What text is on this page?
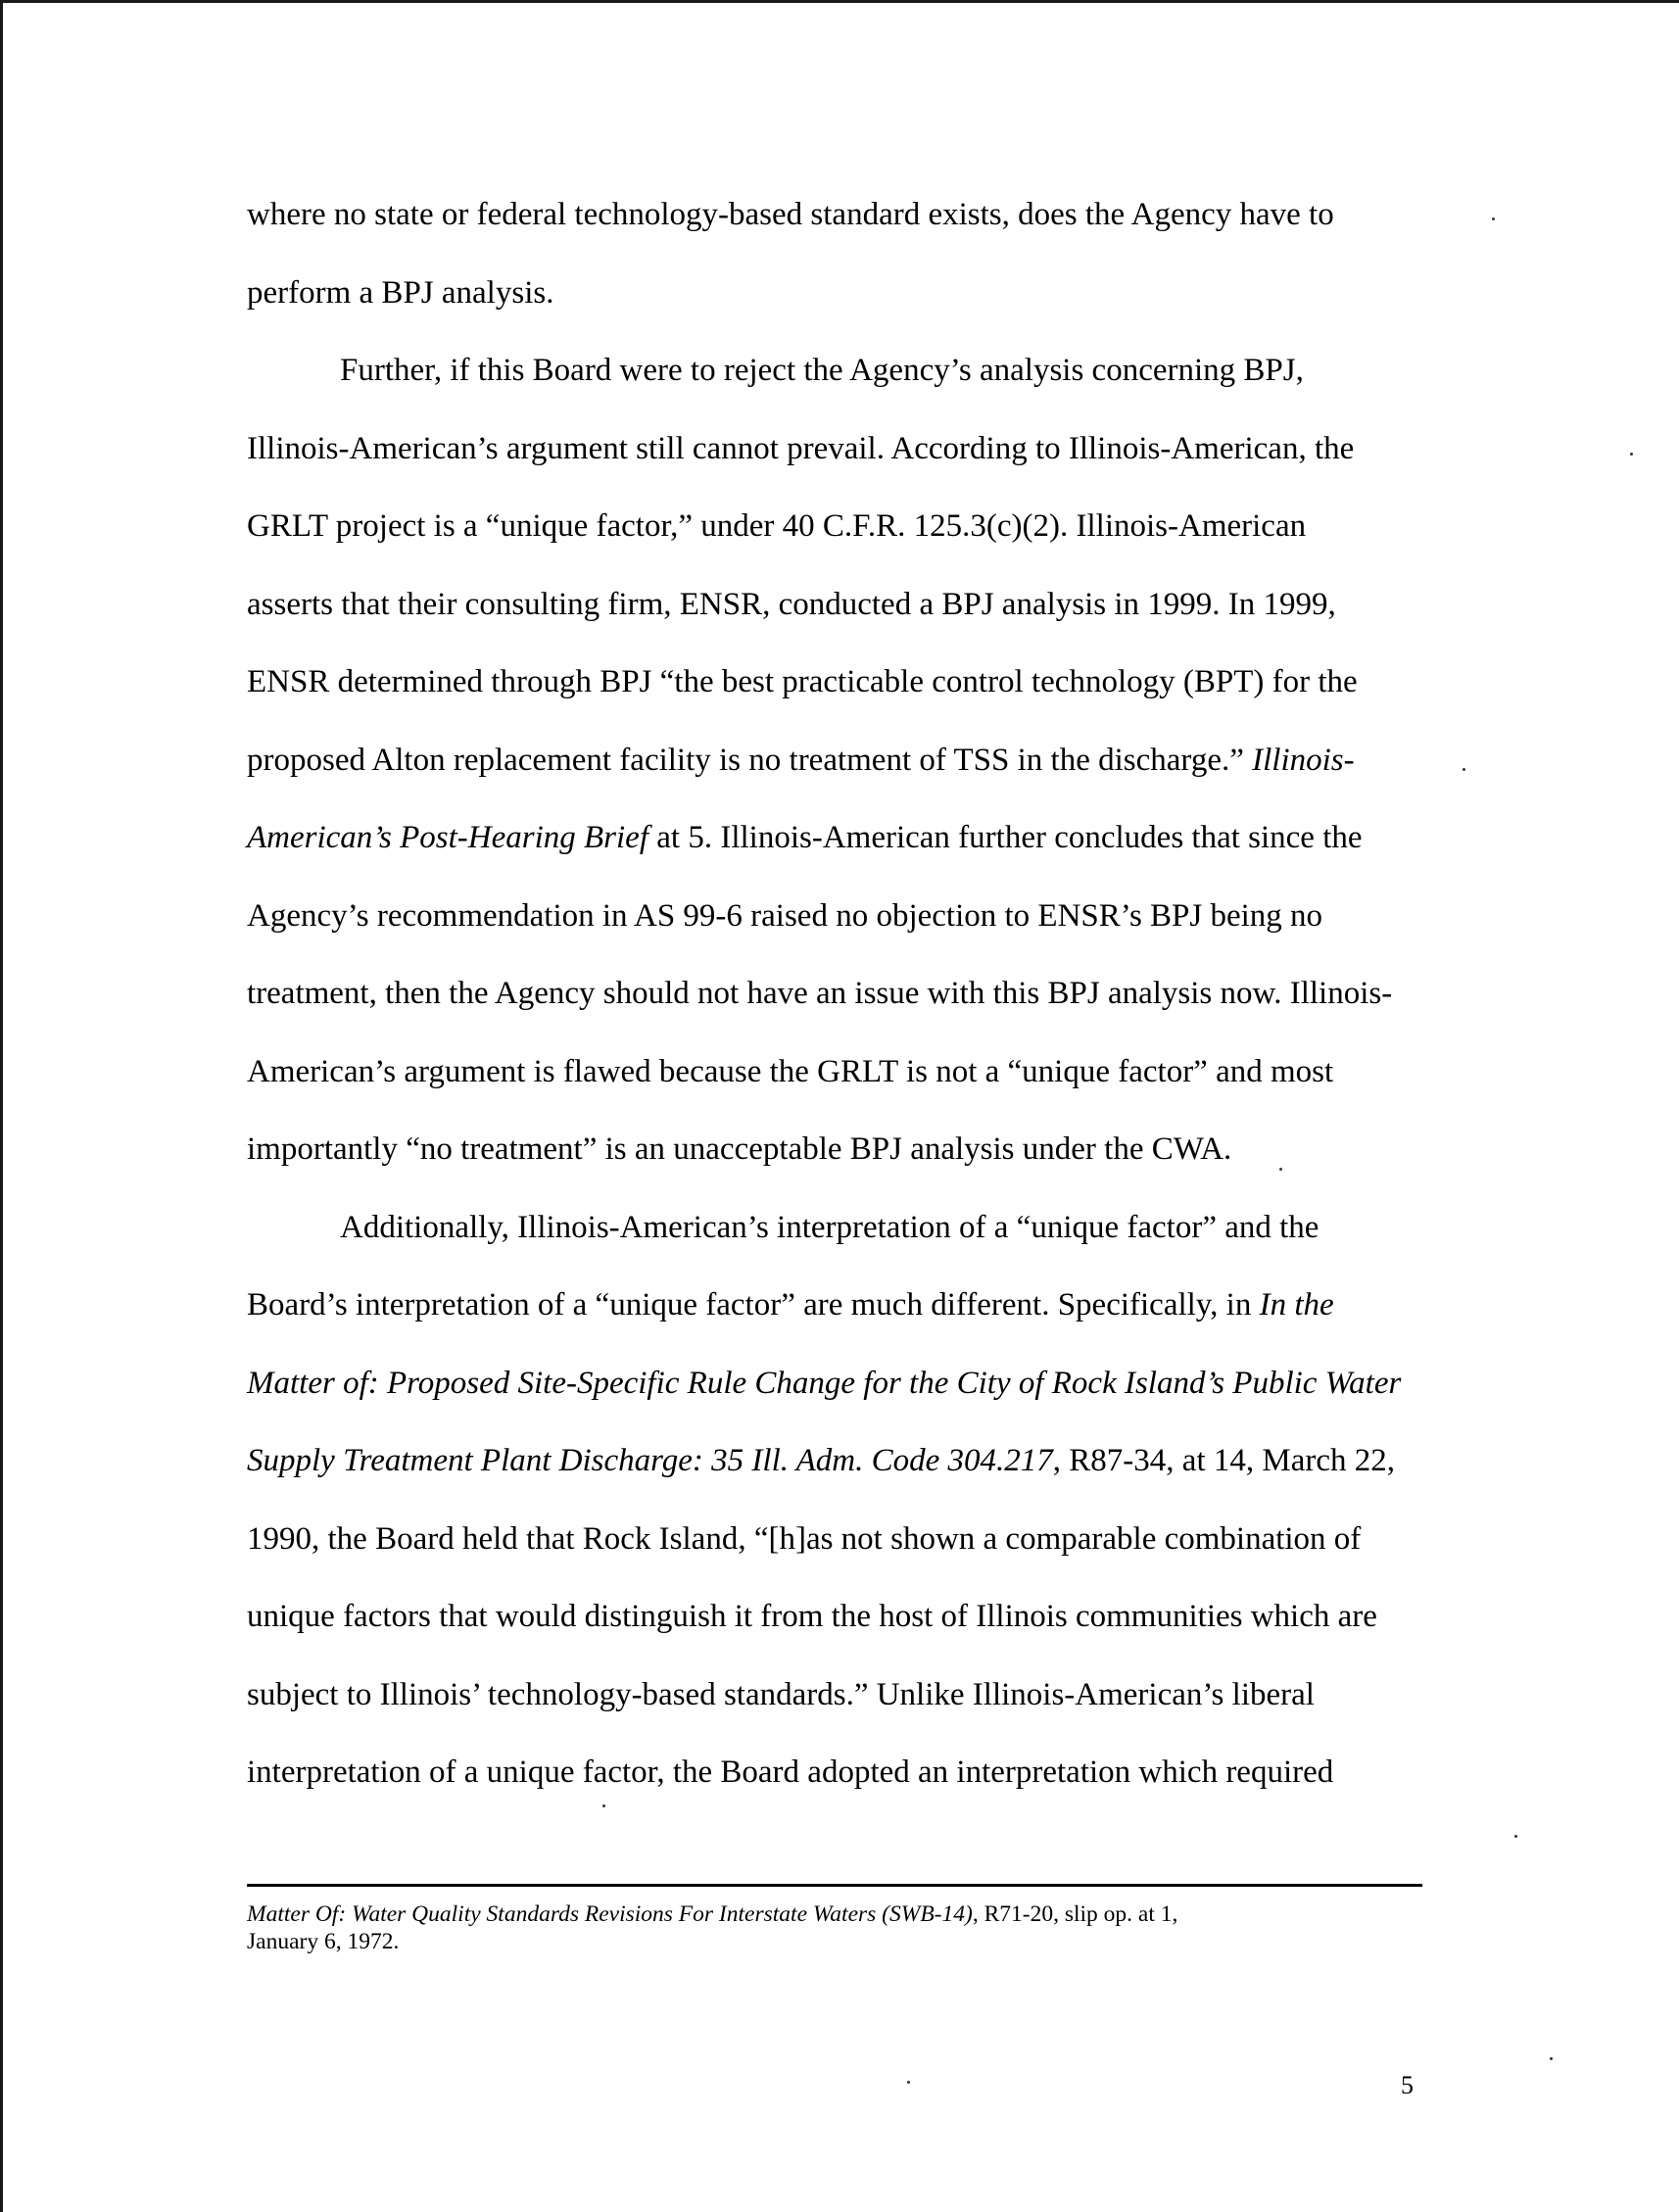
where no state or federal technology-based standard exists, does the Agency have to
perform a BPJ analysis.
Further, if this Board were to reject the Agency’s analysis concerning BPJ,
Illinois-American’s argument still cannot prevail. According to Illinois-American, the
GRLT project is a “unique factor,” under 40 C.F.R. 125.3(c)(2). Illinois-American
asserts that their consulting firm, ENSR, conducted a BPJ analysis in 1999. In 1999,
ENSR determined through BPJ “the best practicable control technology (BPT) for the
proposed Alton replacement facility is no treatment of TSS in the discharge.” Illinois-
American’s Post-Hearing Brief at 5. Illinois-American further concludes that since the
Agency’s recommendation in AS 99-6 raised no objection to ENSR’s BPJ being no
treatment, then the Agency should not have an issue with this BPJ analysis now. Illinois-
American’s argument is flawed because the GRLT is not a “unique factor” and most
importantly “no treatment” is an unacceptable BPJ analysis under the CWA.
Additionally, Illinois-American’s interpretation of a “unique factor” and the
Board’s interpretation of a “unique factor” are much different. Specifically, in In the
Matter of: Proposed Site-Specific Rule Change for the City of Rock Island’s Public Water
Supply Treatment Plant Discharge: 35 Ill. Adm. Code 304.217, R87-34, at 14, March 22,
1990, the Board held that Rock Island, “[h]as not shown a comparable combination of
unique factors that would distinguish it from the host of Illinois communities which are
subject to Illinois’ technology-based standards.” Unlike Illinois-American’s liberal
interpretation of a unique factor, the Board adopted an interpretation which required
Matter Of: Water Quality Standards Revisions For Interstate Waters (SWB-14), R71-20, slip op. at 1,
January 6, 1972.
5
